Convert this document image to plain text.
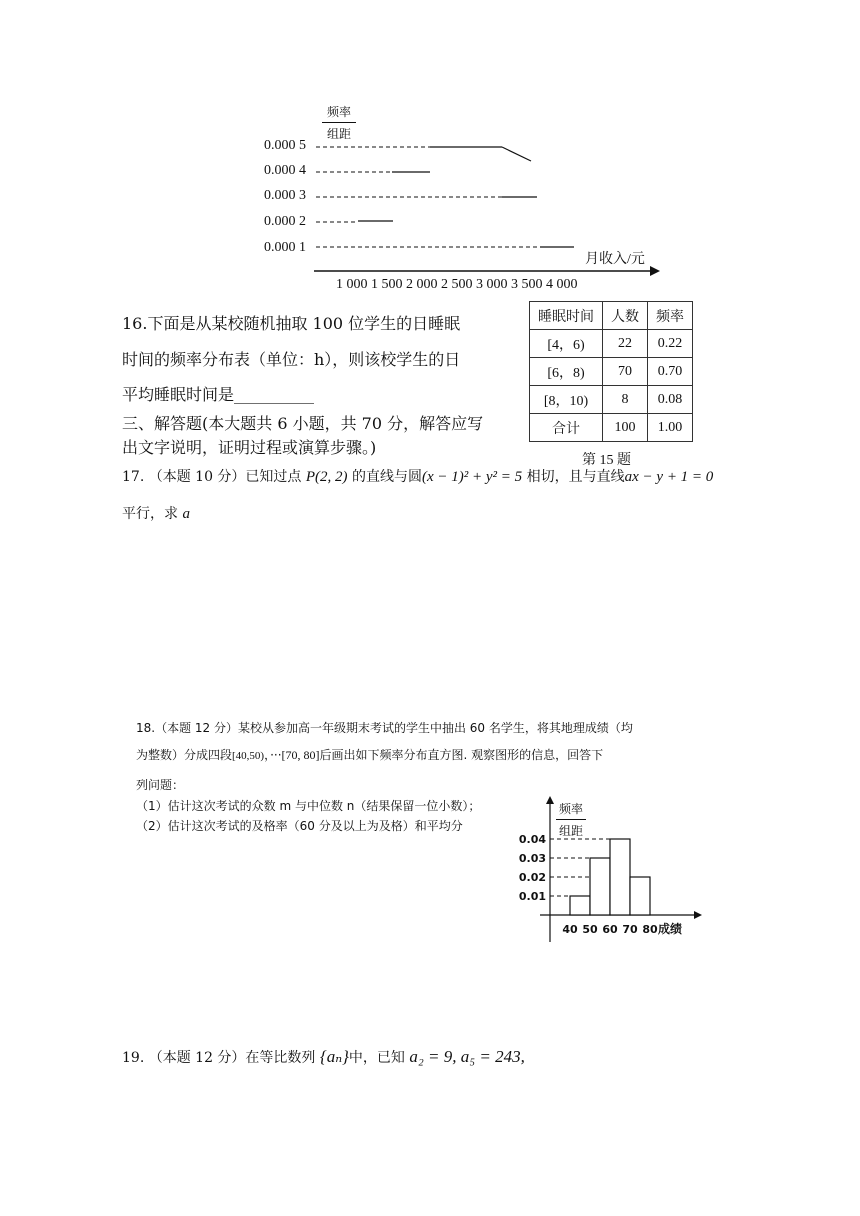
频率
组距
0.000 5
0.000 4
0.000 3
0.000 2
0.000 1
月收入/元
1 000 1 500 2 000 2 500 3 000 3 500 4 000
16.下面是从某校随机抽取 100 位学生的日睡眠
时间的频率分布表（单位：h），则该校学生的日
平均睡眠时间是__________
三、解答题(本大题共 6 小题，共 70 分，解答应写
出文字说明，证明过程或演算步骤。)
睡眠时间	人数	频率
[4，6)	22	0.22
[6，8)	70	0.70
[8，10)	8	0.08
合计	100	1.00
第 15 题
17. （本题 10 分）已知过点 P(2, 2) 的直线与圆(x − 1)² + y² = 5 相切，且与直线ax − y + 1 = 0
平行，求 a
18.（本题 12 分）某校从参加高一年级期末考试的学生中抽出 60 名学生，将其地理成绩（均
为整数）分成四段[40,50)，···[70, 80]后画出如下频率分布直方图. 观察图形的信息，回答下
列问题：
（1）估计这次考试的众数 m 与中位数 n（结果保留一位小数）；
（2）估计这次考试的及格率（60 分及以上为及格）和平均分
0.04
0.03
0.02
0.01
40 50 60 70 80 成绩
频率
组距
19. （本题 12 分）在等比数列 {aₙ}中，已知 a₂ = 9, a₅ = 243,
